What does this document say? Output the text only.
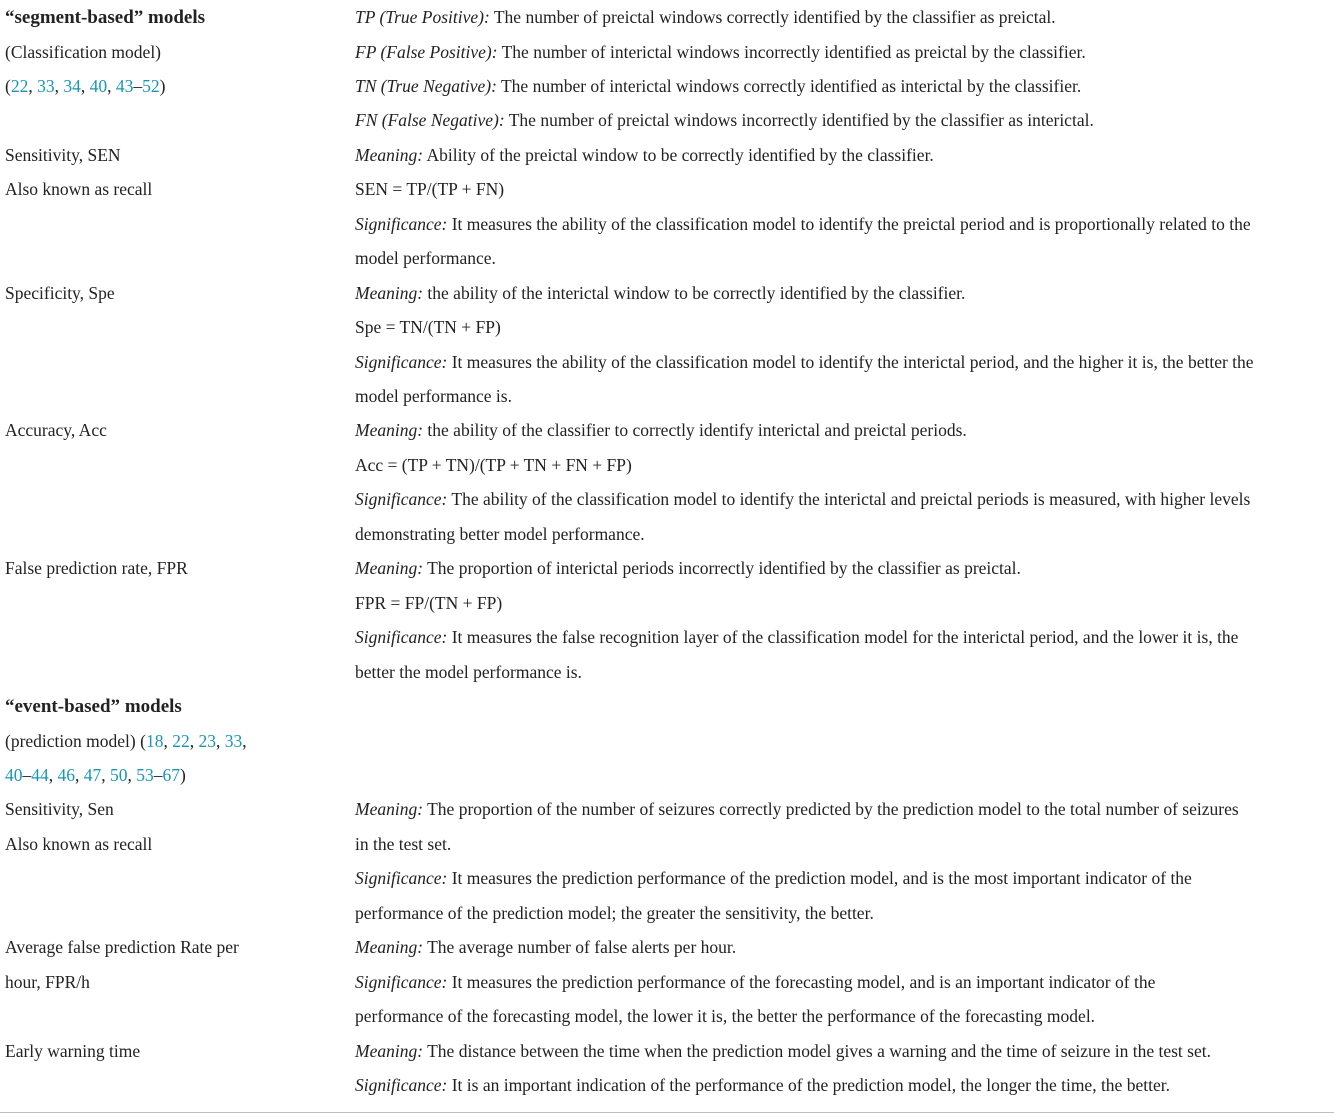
“segment-based” models	TP (True Positive): The number of preictal windows correctly identified by the classifier as preictal.
(Classification model)	FP (False Positive): The number of interictal windows incorrectly identified as preictal by the classifier.
(22, 33, 34, 40, 43–52)	TN (True Negative): The number of interictal windows correctly identified as interictal by the classifier.
FN (False Negative): The number of preictal windows incorrectly identified by the classifier as interictal.
Sensitivity, SEN	Meaning: Ability of the preictal window to be correctly identified by the classifier.
Also known as recall	SEN = TP/(TP + FN)
Significance: It measures the ability of the classification model to identify the preictal period and is proportionally related to the
model performance.
Specificity, Spe	Meaning: the ability of the interictal window to be correctly identified by the classifier.
Spe = TN/(TN + FP)
Significance: It measures the ability of the classification model to identify the interictal period, and the higher it is, the better the
model performance is.
Accuracy, Acc	Meaning: the ability of the classifier to correctly identify interictal and preictal periods.
Acc = (TP + TN)/(TP + TN + FN + FP)
Significance: The ability of the classification model to identify the interictal and preictal periods is measured, with higher levels
demonstrating better model performance.
False prediction rate, FPR	Meaning: The proportion of interictal periods incorrectly identified by the classifier as preictal.
FPR = FP/(TN + FP)
Significance: It measures the false recognition layer of the classification model for the interictal period, and the lower it is, the
better the model performance is.
“event-based” models
(prediction model) (18, 22, 23, 33,
40–44, 46, 47, 50, 53–67)
Sensitivity, Sen	Meaning: The proportion of the number of seizures correctly predicted by the prediction model to the total number of seizures
Also known as recall	in the test set.
Significance: It measures the prediction performance of the prediction model, and is the most important indicator of the
performance of the prediction model; the greater the sensitivity, the better.
Average false prediction Rate per	Meaning: The average number of false alerts per hour.
hour, FPR/h	Significance: It measures the prediction performance of the forecasting model, and is an important indicator of the
performance of the forecasting model, the lower it is, the better the performance of the forecasting model.
Early warning time	Meaning: The distance between the time when the prediction model gives a warning and the time of seizure in the test set.
Significance: It is an important indication of the performance of the prediction model, the longer the time, the better.
